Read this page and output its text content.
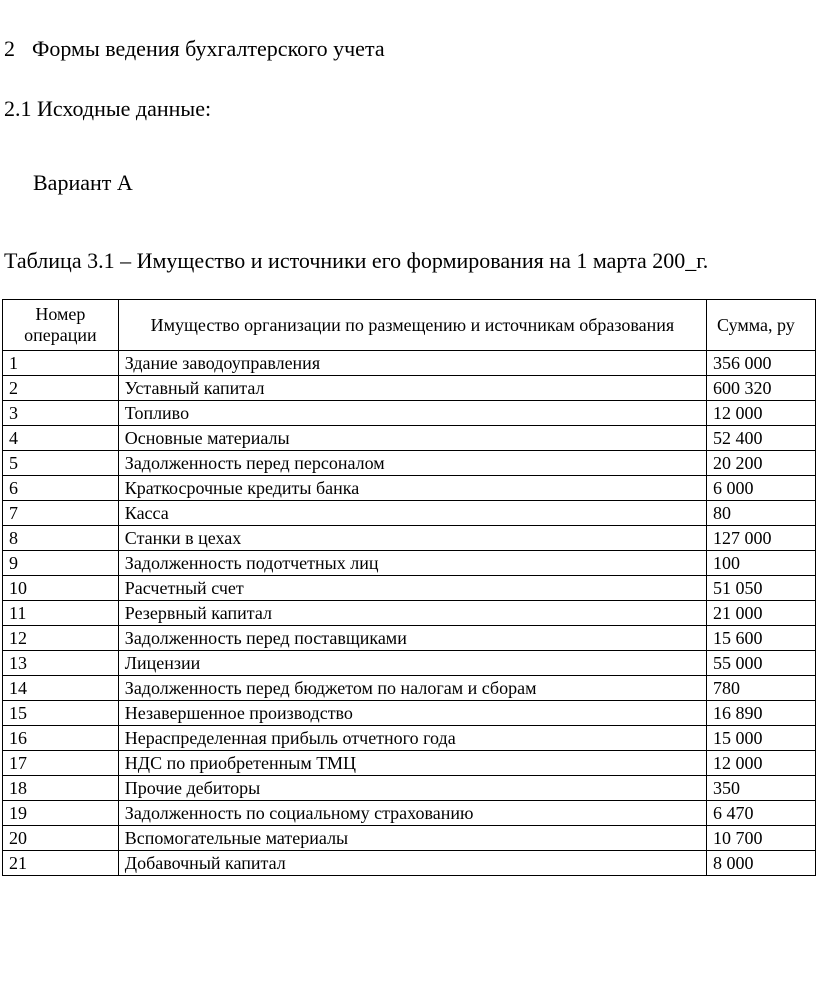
2 Формы ведения бухгалтерского учета
2.1 Исходные данные:
Вариант А
Таблица 3.1 – Имущество и источники его формирования на 1 марта 200_г.
Номер операции	Имущество организации по размещению и источникам образования	Сумма, ру
1	Здание заводоуправления	356 000
2	Уставный капитал	600 320
3	Топливо	12 000
4	Основные материалы	52 400
5	Задолженность перед персоналом	20 200
6	Краткосрочные кредиты банка	6 000
7	Касса	80
8	Станки в цехах	127 000
9	Задолженность подотчетных лиц	100
10	Расчетный счет	51 050
11	Резервный капитал	21 000
12	Задолженность перед поставщиками	15 600
13	Лицензии	55 000
14	Задолженность перед бюджетом по налогам и сборам	780
15	Незавершенное производство	16 890
16	Нераспределенная прибыль отчетного года	15 000
17	НДС по приобретенным ТМЦ	12 000
18	Прочие дебиторы	350
19	Задолженность по социальному страхованию	6 470
20	Вспомогательные материалы	10 700
21	Добавочный капитал	8 000
